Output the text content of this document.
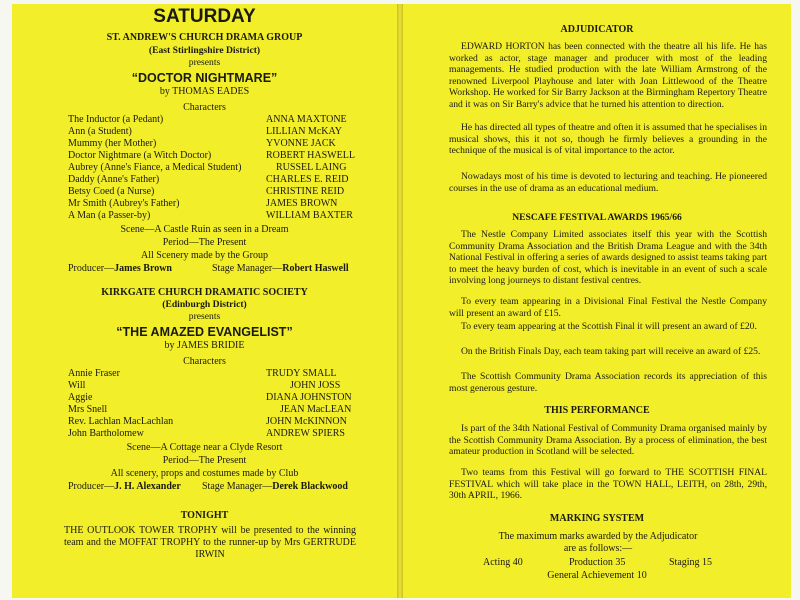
SATURDAY
ST. ANDREW'S CHURCH DRAMA GROUP
(East Stirlingshire District)
presents
“DOCTOR NIGHTMARE”
by THOMAS EADES
Characters
The Inductor (a Pedant)	ANNA MAXTONE
Ann (a Student)	LILLIAN McKAY
Mummy (her Mother)	YVONNE JACK
Doctor Nightmare (a Witch Doctor)	ROBERT HASWELL
Aubrey (Anne's Fiance, a Medical Student)	RUSSEL LAING
Daddy (Anne's Father)	CHARLES E. REID
Betsy Coed (a Nurse)	CHRISTINE REID
Mr Smith (Aubrey's Father)	JAMES BROWN
A Man (a Passer-by)	WILLIAM BAXTER
Scene—A Castle Ruin as seen in a Dream
Period—The Present
All Scenery made by the Group
Producer—James Brown	Stage Manager—Robert Haswell
KIRKGATE CHURCH DRAMATIC SOCIETY
(Edinburgh District)
presents
“THE AMAZED EVANGELIST”
by JAMES BRIDIE
Characters
Annie Fraser	TRUDY SMALL
Will	JOHN JOSS
Aggie	DIANA JOHNSTON
Mrs Snell	JEAN MacLEAN
Rev. Lachlan MacLachlan	JOHN McKINNON
John Bartholomew	ANDREW SPIERS
Scene—A Cottage near a Clyde Resort
Period—The Present
All scenery, props and costumes made by Club
Producer—J. H. Alexander Stage Manager—Derek Blackwood
TONIGHT
THE OUTLOOK TOWER TROPHY will be presented to the winning team and the MOFFAT TROPHY to the runner-up by Mrs GERTRUDE IRWIN
ADJUDICATOR
EDWARD HORTON has been connected with the theatre all his life. He has worked as actor, stage manager and producer with most of the leading managements. He studied production with the late William Armstrong of the renowned Liverpool Playhouse and later with Joan Littlewood of the Theatre Workshop. He worked for Sir Barry Jackson at the Birmingham Repertory Theatre and it was on Sir Barry's advice that he turned his attention to direction.
He has directed all types of theatre and often it is assumed that he specialises in musical shows, this it not so, though he firmly believes a grounding in the technique of the musical is of vital importance to the actor.
Nowadays most of his time is devoted to lecturing and teaching. He pioneered courses in the use of drama as an educational medium.
NESCAFE FESTIVAL AWARDS 1965/66
The Nestle Company Limited associates itself this year with the Scottish Community Drama Association and the British Drama League and with the 34th National Festival in offering a series of awards designed to assist teams taking part to meet the heavy burden of cost, which is inevitable in an event of such a scale involving long journeys to distant festival centres.
To every team appearing in a Divisional Final Festival the Nestle Company will present an award of £15.
To every team appearing at the Scottish Final it will present an award of £20.
On the British Finals Day, each team taking part will receive an award of £25.
The Scottish Community Drama Association records its appreciation of this most generous gesture.
THIS PERFORMANCE
Is part of the 34th National Festival of Community Drama organised mainly by the Scottish Community Drama Association. By a process of elimination, the best amateur production in Scotland will be selected.
Two teams from this Festival will go forward to THE SCOTTISH FINAL FESTIVAL which will take place in the TOWN HALL, LEITH, on 28th, 29th, 30th APRIL, 1966.
MARKING SYSTEM
The maximum marks awarded by the Adjudicator are as follows:—
Acting 40	Production 35	Staging 15
General Achievement 10
